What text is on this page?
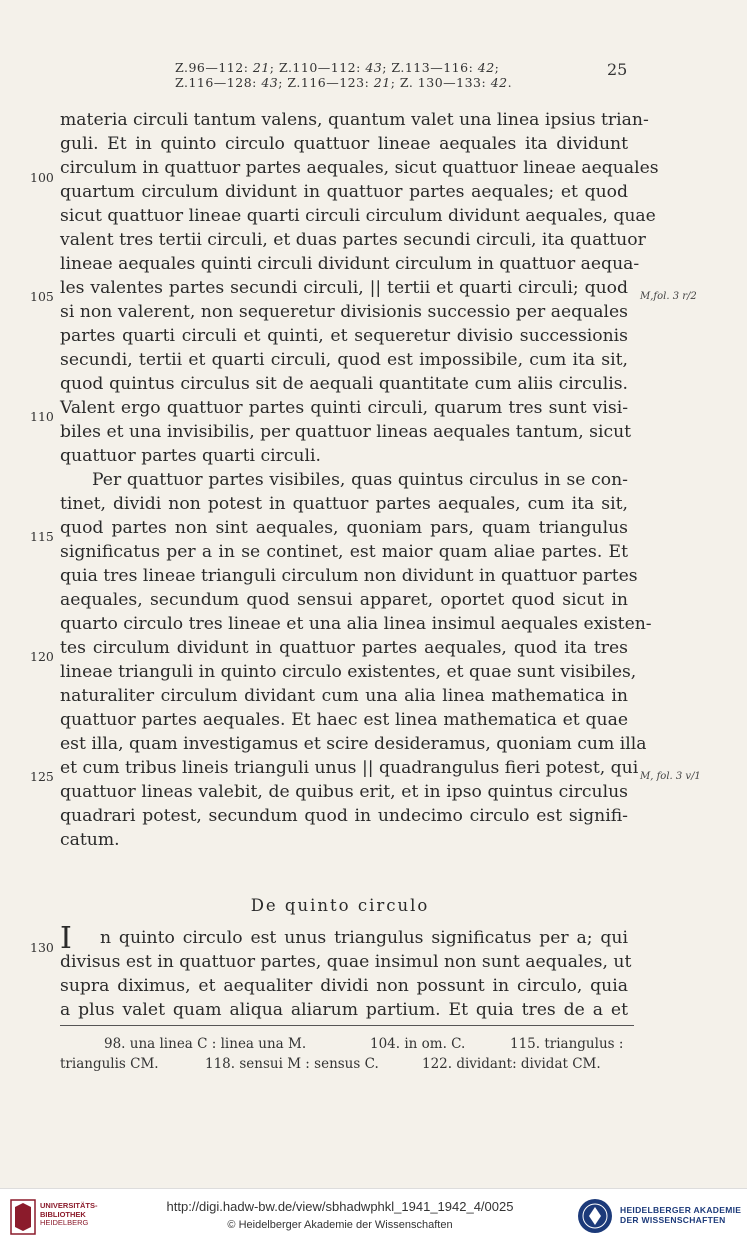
Z.96—112: 21; Z.110—112: 43; Z.113—116: 42;
Z.116—128: 43; Z.116—123: 21; Z. 130—133: 42.
25
materia circuli tantum valens, quantum valet una linea ipsius trian-
guli. Et in quinto circulo quattuor lineae aequales ita dividunt
circulum in quattuor partes aequales, sicut quattuor lineae aequales
quartum circulum dividunt in quattuor partes aequales; et quod
sicut quattuor lineae quarti circuli circulum dividunt aequales, quae
valent tres tertii circuli, et duas partes secundi circuli, ita quattuor
lineae aequales quinti circuli dividunt circulum in quattuor aequa-
les valentes partes secundi circuli, || tertii et quarti circuli; quod
si non valerent, non sequeretur divisionis successio per aequales
partes quarti circuli et quinti, et sequeretur divisio successionis
secundi, tertii et quarti circuli, quod est impossibile, cum ita sit,
quod quintus circulus sit de aequali quantitate cum aliis circulis.
Valent ergo quattuor partes quinti circuli, quarum tres sunt visi-
biles et una invisibilis, per quattuor lineas aequales tantum, sicut
quattuor partes quarti circuli.
Per quattuor partes visibiles, quas quintus circulus in se con-
tinet, dividi non potest in quattuor partes aequales, cum ita sit,
quod partes non sint aequales, quoniam pars, quam triangulus
significatus per a in se continet, est maior quam aliae partes. Et
quia tres lineae trianguli circulum non dividunt in quattuor partes
aequales, secundum quod sensui apparet, oportet quod sicut in
quarto circulo tres lineae et una alia linea insimul aequales existen-
tes circulum dividunt in quattuor partes aequales, quod ita tres
lineae trianguli in quinto circulo existentes, et quae sunt visibiles,
naturaliter circulum dividant cum una alia linea mathematica in
quattuor partes aequales. Et haec est linea mathematica et quae
est illa, quam investigamus et scire desideramus, quoniam cum illa
et cum tribus lineis trianguli unus || quadrangulus fieri potest, qui
quattuor lineas valebit, de quibus erit, et in ipso quintus circulus
quadrari potest, secundum quod in undecimo circulo est signifi-
catum.
100
105
110
115
120
125
130
M,fol. 3 r/2
M, fol. 3 v/1
De quinto circulo
I n quinto circulo est unus triangulus significatus per a; qui
divisus est in quattuor partes, quae insimul non sunt aequales, ut
supra diximus, et aequaliter dividi non possunt in circulo, quia
a plus valet quam aliqua aliarum partium. Et quia tres de a et
98. una linea C : linea una M.	104. in om. C.	115. triangulus :
triangulis CM.	118. sensui M : sensus C.	122. dividant: dividat CM.
UNIVERSITÄTS-
BIBLIOTHEK
HEIDELBERG
http://digi.hadw-bw.de/view/sbhadwphkl_1941_1942_4/0025
© Heidelberger Akademie der Wissenschaften
HEIDELBERGER AKADEMIE
DER WISSENSCHAFTEN
